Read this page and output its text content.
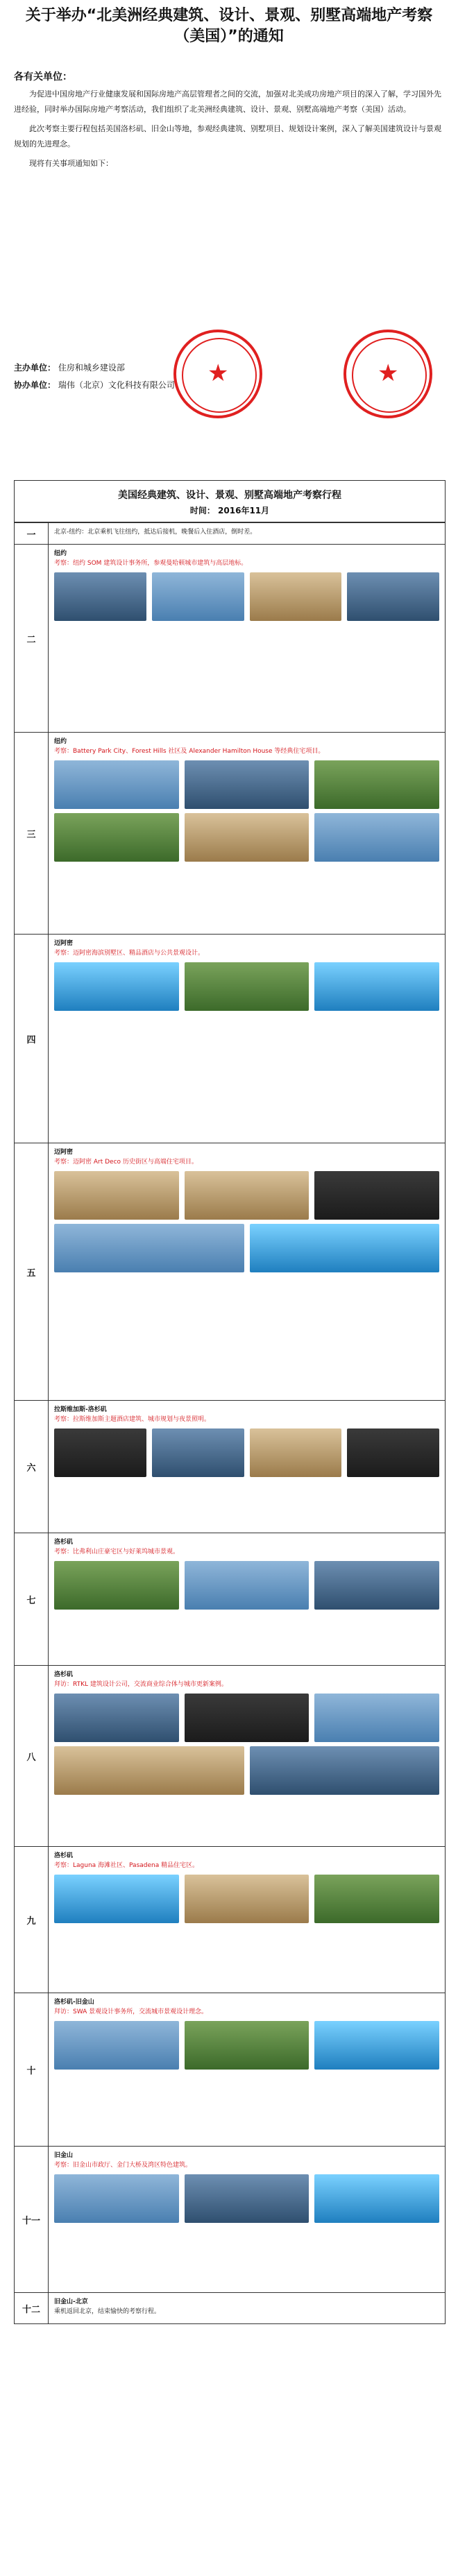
关于举办“北美洲经典建筑、设计、景观、别墅高端地产考察（美国）”的通知
各有关单位：

为促进中国房地产行业健康发展和国际房地产高层管理者之间的交流，加强对北美成功房地产项目的深入了解，学习国外先进经验，同时举办国际房地产考察活动，我们组织了北美洲经典建筑、设计、景观、别墅高端地产考察（美国）活动。

此次考察主要行程包括美国洛杉矶、旧金山等地，参观经典建筑、别墅项目、规划设计案例，深入了解美国建筑设计与景观规划的先进理念。

现将有关事项通知如下：

主办单位： 住房和城乡建设部
协办单位： 瑞伟（北京）文化科技有限公司 ★	★
美国经典建筑、设计、景观、别墅高端地产考察行程
时间： 2016年11月
一	北京-纽约：北京乘机飞往纽约，抵达后接机，晚餐后入住酒店，倒时差。
二
纽约
考察：纽约 SOM 建筑设计事务所，参观曼哈顿城市建筑与高层地标。
三
纽约
考察：Battery Park City、Forest Hills 社区及 Alexander Hamilton House 等经典住宅项目。
四
迈阿密
考察：迈阿密海滨别墅区、精品酒店与公共景观设计。
五
迈阿密
考察：迈阿密 Art Deco 历史街区与高端住宅项目。
六
拉斯维加斯-洛杉矶
考察：拉斯维加斯主题酒店建筑、城市规划与夜景照明。
七
洛杉矶
考察：比弗利山庄豪宅区与好莱坞城市景观。
八
洛杉矶
拜访：RTKL 建筑设计公司，交流商业综合体与城市更新案例。
九
洛杉矶
考察：Laguna 海滩社区、Pasadena 精品住宅区。
十
洛杉矶-旧金山
拜访：SWA 景观设计事务所，交流城市景观设计理念。
十一
旧金山
考察：旧金山市政厅、金门大桥及湾区特色建筑。
十二
旧金山-北京
乘机返回北京，结束愉快的考察行程。
